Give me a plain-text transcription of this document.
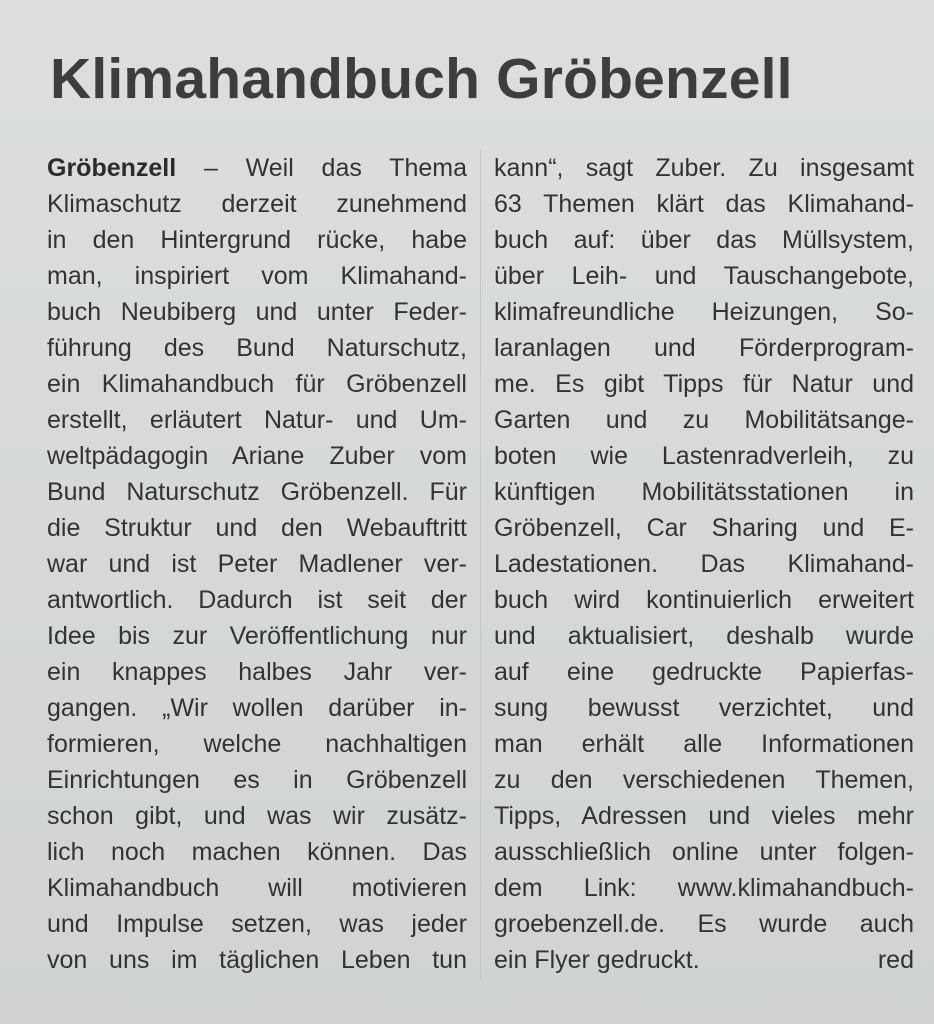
Klimahandbuch Gröbenzell
Gröbenzell – Weil das Thema
Klimaschutz derzeit zunehmend
in den Hintergrund rücke, habe
man, inspiriert vom Klimahand-
buch Neubiberg und unter Feder-
führung des Bund Naturschutz,
ein Klimahandbuch für Gröbenzell
erstellt, erläutert Natur- und Um-
weltpädagogin Ariane Zuber vom
Bund Naturschutz Gröbenzell. Für
die Struktur und den Webauftritt
war und ist Peter Madlener ver-
antwortlich. Dadurch ist seit der
Idee bis zur Veröffentlichung nur
ein knappes halbes Jahr ver-
gangen. „Wir wollen darüber in-
formieren, welche nachhaltigen
Einrichtungen es in Gröbenzell
schon gibt, und was wir zusätz-
lich noch machen können. Das
Klimahandbuch will motivieren
und Impulse setzen, was jeder
von uns im täglichen Leben tun
kann“, sagt Zuber. Zu insgesamt
63 Themen klärt das Klimahand-
buch auf: über das Müllsystem,
über Leih- und Tauschangebote,
klimafreundliche Heizungen, So-
laranlagen und Förderprogram-
me. Es gibt Tipps für Natur und
Garten und zu Mobilitätsange-
boten wie Lastenradverleih, zu
künftigen Mobilitätsstationen in
Gröbenzell, Car Sharing und E-
Ladestationen. Das Klimahand-
buch wird kontinuierlich erweitert
und aktualisiert, deshalb wurde
auf eine gedruckte Papierfas-
sung bewusst verzichtet, und
man erhält alle Informationen
zu den verschiedenen Themen,
Tipps, Adressen und vieles mehr
ausschließlich online unter folgen-
dem Link: www.klimahandbuch-
groebenzell.de. Es wurde auch
ein Flyer gedruckt.	red
